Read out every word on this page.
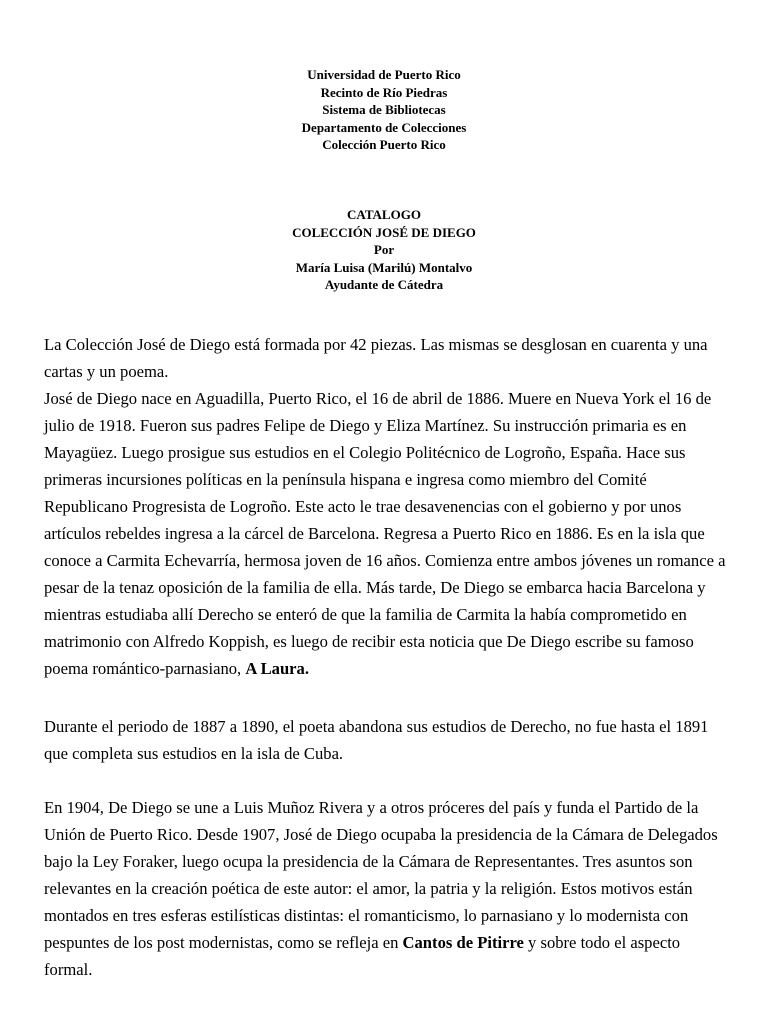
Universidad de Puerto Rico
Recinto de Río Piedras
Sistema de Bibliotecas
Departamento de Colecciones
Colección Puerto Rico
CATALOGO
COLECCIÓN JOSÉ DE DIEGO
Por
María Luisa (Marilú) Montalvo
Ayudante de Cátedra

La Colección José de Diego está formada por 42 piezas. Las mismas se desglosan en cuarenta y una cartas y un poema.

José de Diego nace en Aguadilla, Puerto Rico, el 16 de abril de 1886. Muere en Nueva York el 16 de julio de 1918. Fueron sus padres Felipe de Diego y Eliza Martínez. Su instrucción primaria es en Mayagüez. Luego prosigue sus estudios en el Colegio Politécnico de Logroño, España. Hace sus primeras incursiones políticas en la península hispana e ingresa como miembro del Comité Republicano Progresista de Logroño. Este acto le trae desavenencias con el gobierno y por unos artículos rebeldes ingresa a la cárcel de Barcelona. Regresa a Puerto Rico en 1886. Es en la isla que conoce a Carmita Echevarría, hermosa joven de 16 años. Comienza entre ambos jóvenes un romance a pesar de la tenaz oposición de la familia de ella. Más tarde, De Diego se embarca hacia Barcelona y mientras estudiaba allí Derecho se enteró de que la familia de Carmita la había comprometido en matrimonio con Alfredo Koppish, es luego de recibir esta noticia que De Diego escribe su famoso poema romántico-parnasiano, A Laura.

Durante el periodo de 1887 a 1890, el poeta abandona sus estudios de Derecho, no fue hasta el 1891 que completa sus estudios en la isla de Cuba.

En 1904, De Diego se une a Luis Muñoz Rivera y a otros próceres del país y funda el Partido de la Unión de Puerto Rico. Desde 1907, José de Diego ocupaba la presidencia de la Cámara de Delegados bajo la Ley Foraker, luego ocupa la presidencia de la Cámara de Representantes. Tres asuntos son relevantes en la creación poética de este autor: el amor, la patria y la religión. Estos motivos están montados en tres esferas estilísticas distintas: el romanticismo, lo parnasiano y lo modernista con pespuntes de los post modernistas, como se refleja en Cantos de Pitirre y sobre todo el aspecto formal.
